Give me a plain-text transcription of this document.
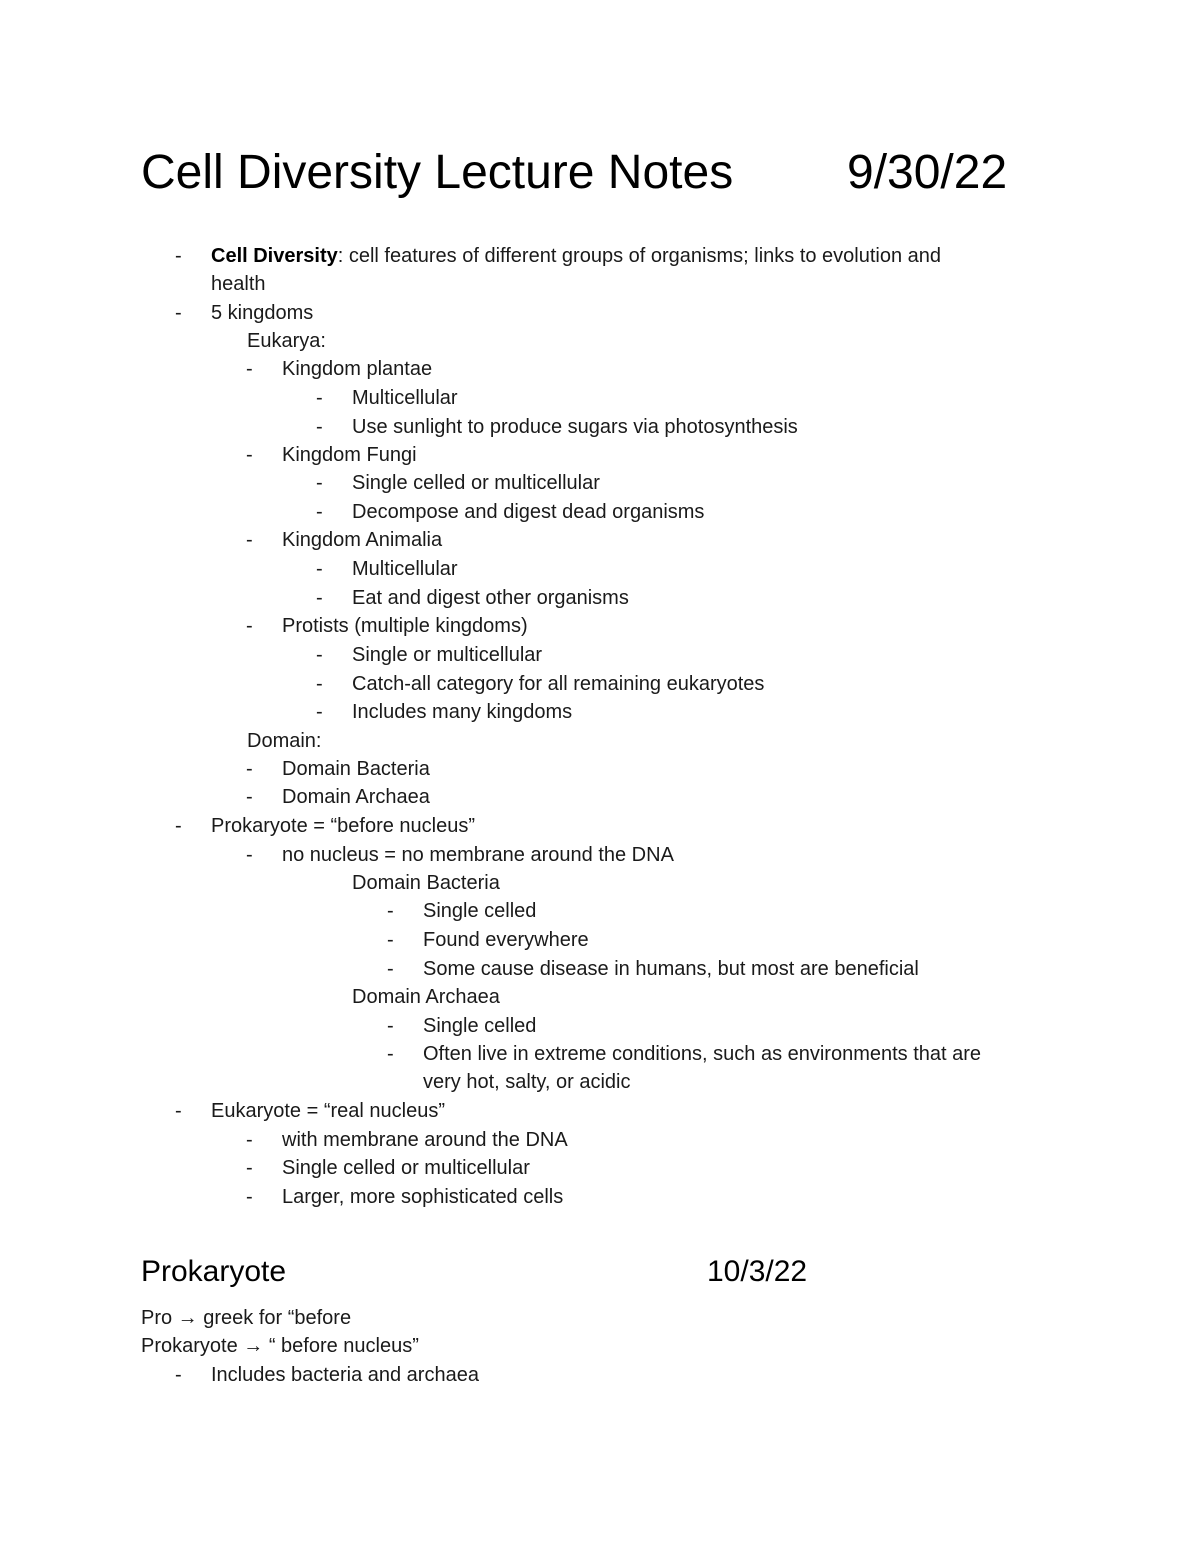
Cell Diversity Lecture Notes 9/30/22
-	Cell Diversity: cell features of different groups of organisms; links to evolution and
health
-	5 kingdoms
Eukarya:
-	Kingdom plantae
-	Multicellular
-	Use sunlight to produce sugars via photosynthesis
-	Kingdom Fungi
-	Single celled or multicellular
-	Decompose and digest dead organisms
-	Kingdom Animalia
-	Multicellular
-	Eat and digest other organisms
-	Protists (multiple kingdoms)
-	Single or multicellular
-	Catch-all category for all remaining eukaryotes
-	Includes many kingdoms
Domain:
-	Domain Bacteria
-	Domain Archaea
-	Prokaryote = “before nucleus”
-	no nucleus = no membrane around the DNA
Domain Bacteria
-	Single celled
-	Found everywhere
-	Some cause disease in humans, but most are beneficial
Domain Archaea
-	Single celled
-	Often live in extreme conditions, such as environments that are
very hot, salty, or acidic
-	Eukaryote = “real nucleus”
-	with membrane around the DNA
-	Single celled or multicellular
-	Larger, more sophisticated cells
Prokaryote	10/3/22
Pro → greek for “before
Prokaryote → “ before nucleus”
-	Includes bacteria and archaea
